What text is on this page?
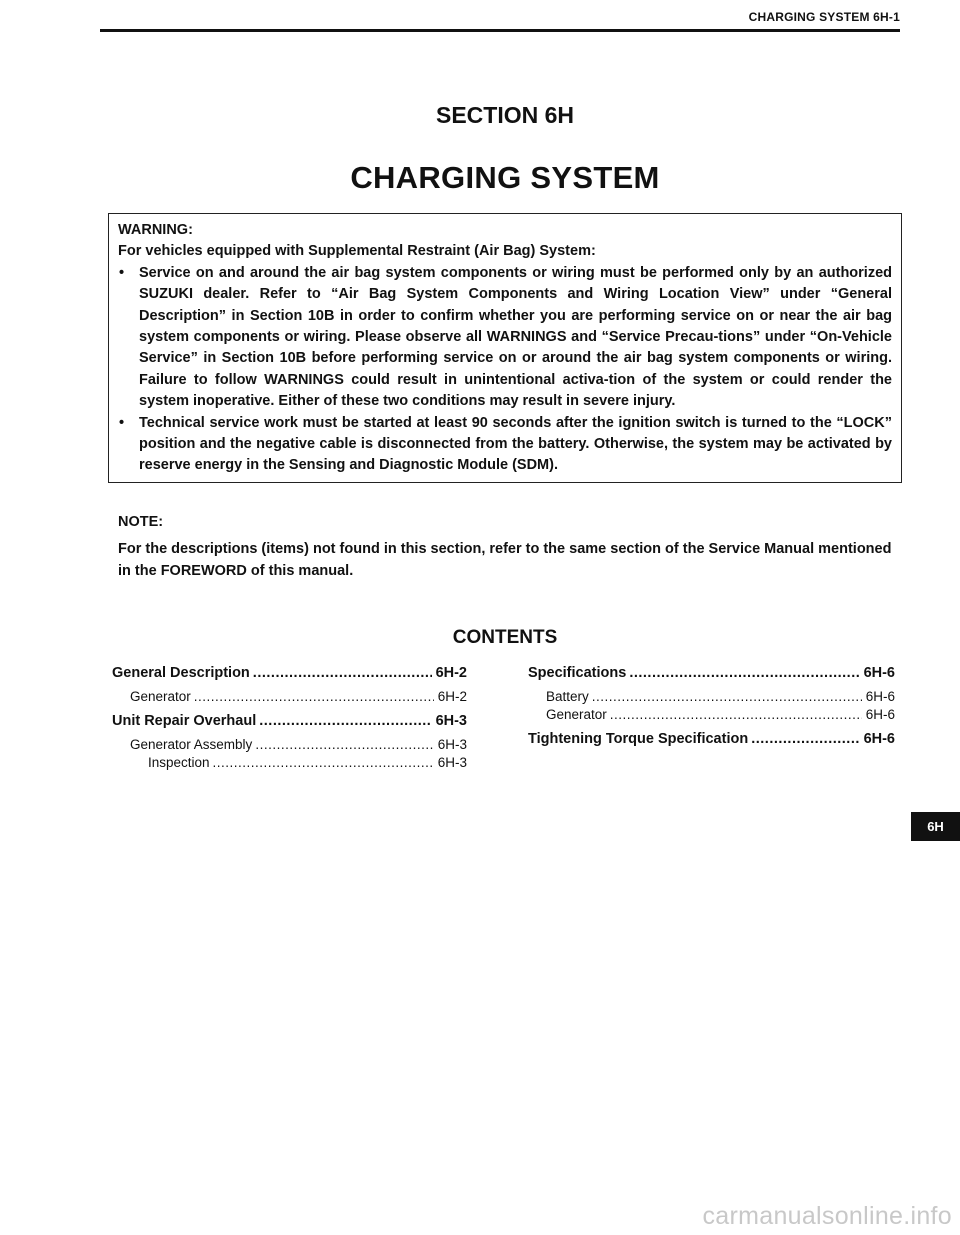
CHARGING SYSTEM 6H-1
SECTION 6H
CHARGING SYSTEM

WARNING:

For vehicles equipped with Supplemental Restraint (Air Bag) System:

• Service on and around the air bag system components or wiring must be performed only by an authorized SUZUKI dealer. Refer to “Air Bag System Components and Wiring Location View” under “General Description” in Section 10B in order to confirm whether you are performing service on or near the air bag system components or wiring. Please observe all WARNINGS and “Service Precau-tions” under “On-Vehicle Service” in Section 10B before performing service on or around the air bag system components or wiring. Failure to follow WARNINGS could result in unintentional activa-tion of the system or could render the system inoperative. Either of these two conditions may result in severe injury.
• Technical service work must be started at least 90 seconds after the ignition switch is turned to the “LOCK” position and the negative cable is disconnected from the battery. Otherwise, the system may be activated by reserve energy in the Sensing and Diagnostic Module (SDM).

NOTE:

For the descriptions (items) not found in this section, refer to the same section of the Service Manual mentioned in the FOREWORD of this manual.

CONTENTS
General Description .....	6H-2
Generator .....	6H-2
Unit Repair Overhaul .....	6H-3
Generator Assembly .....	6H-3
Inspection .....	6H-3
Specifications .....	6H-6
Battery .....	6H-6
Generator .....	6H-6
Tightening Torque Specification .....	6H-6
6H
carmanualsonline.info
